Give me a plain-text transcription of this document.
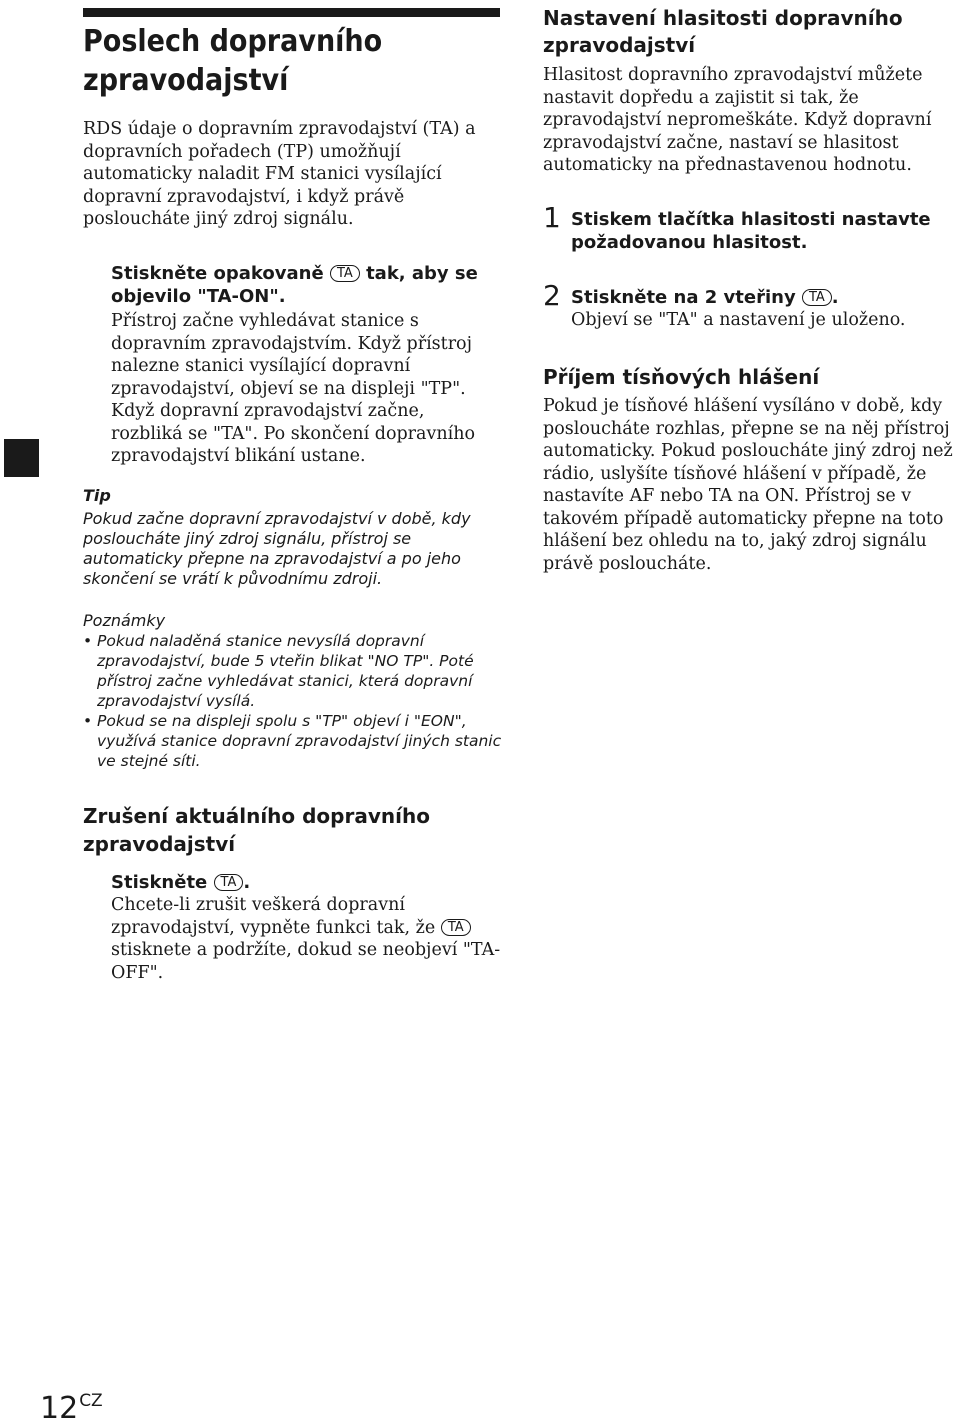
Poslech dopravního zpravodajství

RDS údaje o dopravním zpravodajství (TA) a dopravních pořadech (TP) umožňují automaticky naladit FM stanici vysílající dopravní zpravodajství, i když právě posloucháte jiný zdroj signálu.

Stiskněte opakovaně TA tak, aby se objevilo "TA-ON".

Přístroj začne vyhledávat stanice s dopravním zpravodajstvím. Když přístroj nalezne stanici vysílající dopravní zpravodajství, objeví se na displeji "TP". Když dopravní zpravodajství začne, rozbliká se "TA". Po skončení dopravního zpravodajství blikání ustane.

Tip

Pokud začne dopravní zpravodajství v době, kdy posloucháte jiný zdroj signálu, přístroj se automaticky přepne na zpravodajství a po jeho skončení se vrátí k původnímu zdroji.

Poznámky
• Pokud naladěná stanice nevysílá dopravní zpravodajství, bude 5 vteřin blikat "NO TP". Poté přístroj začne vyhledávat stanici, která dopravní zpravodajství vysílá.
• Pokud se na displeji spolu s "TP" objeví i "EON", využívá stanice dopravní zpravodajství jiných stanic ve stejné síti.
Zrušení aktuálního dopravního zpravodajství

Stiskněte TA .

Chcete-li zrušit veškerá dopravní zpravodajství, vypněte funkci tak, že TA stisknete a podržíte, dokud se neobjeví "TA-OFF".

Nastavení hlasitosti dopravního zpravodajství

Hlasitost dopravního zpravodajství můžete nastavit dopředu a zajistit si tak, že zpravodajství nepromeškáte. Když dopravní zpravodajství začne, nastaví se hlasitost automaticky na přednastavenou hodnotu.

1 Stiskem tlačítka hlasitosti nastavte požadovanou hlasitost.

2 Stiskněte na 2 vteřiny TA .

Objeví se "TA" a nastavení je uloženo.

Příjem tísňových hlášení

Pokud je tísňové hlášení vysíláno v době, kdy posloucháte rozhlas, přepne se na něj přístroj automaticky. Pokud posloucháte jiný zdroj než rádio, uslyšíte tísňové hlášení v případě, že nastavíte AF nebo TA na ON. Přístroj se v takovém případě automaticky přepne na toto hlášení bez ohledu na to, jaký zdroj signálu právě posloucháte.

$12^{CZ}$
